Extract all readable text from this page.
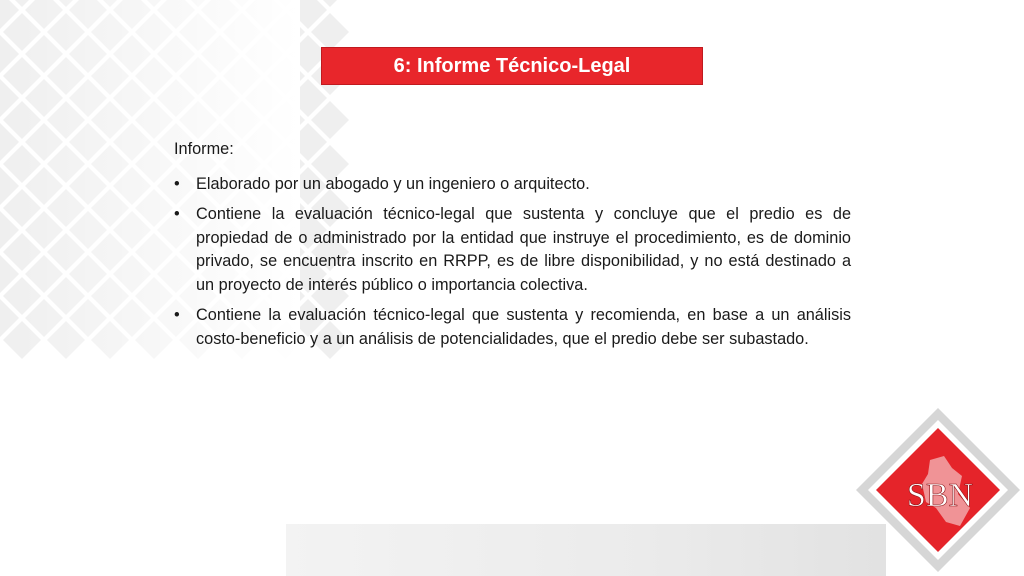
6: Informe Técnico-Legal

Informe:

• Elaborado por un abogado y un ingeniero o arquitecto.
• Contiene la evaluación técnico-legal que sustenta y concluye que el predio es de propiedad de o administrado por la entidad que instruye el procedimiento, es de dominio privado, se encuentra inscrito en RRPP, es de libre disponibilidad, y no está destinado a un proyecto de interés público o importancia colectiva.
• Contiene la evaluación técnico-legal que sustenta y recomienda, en base a un análisis costo-beneficio y a un análisis de potencialidades, que el predio debe ser subastado.
SBN
